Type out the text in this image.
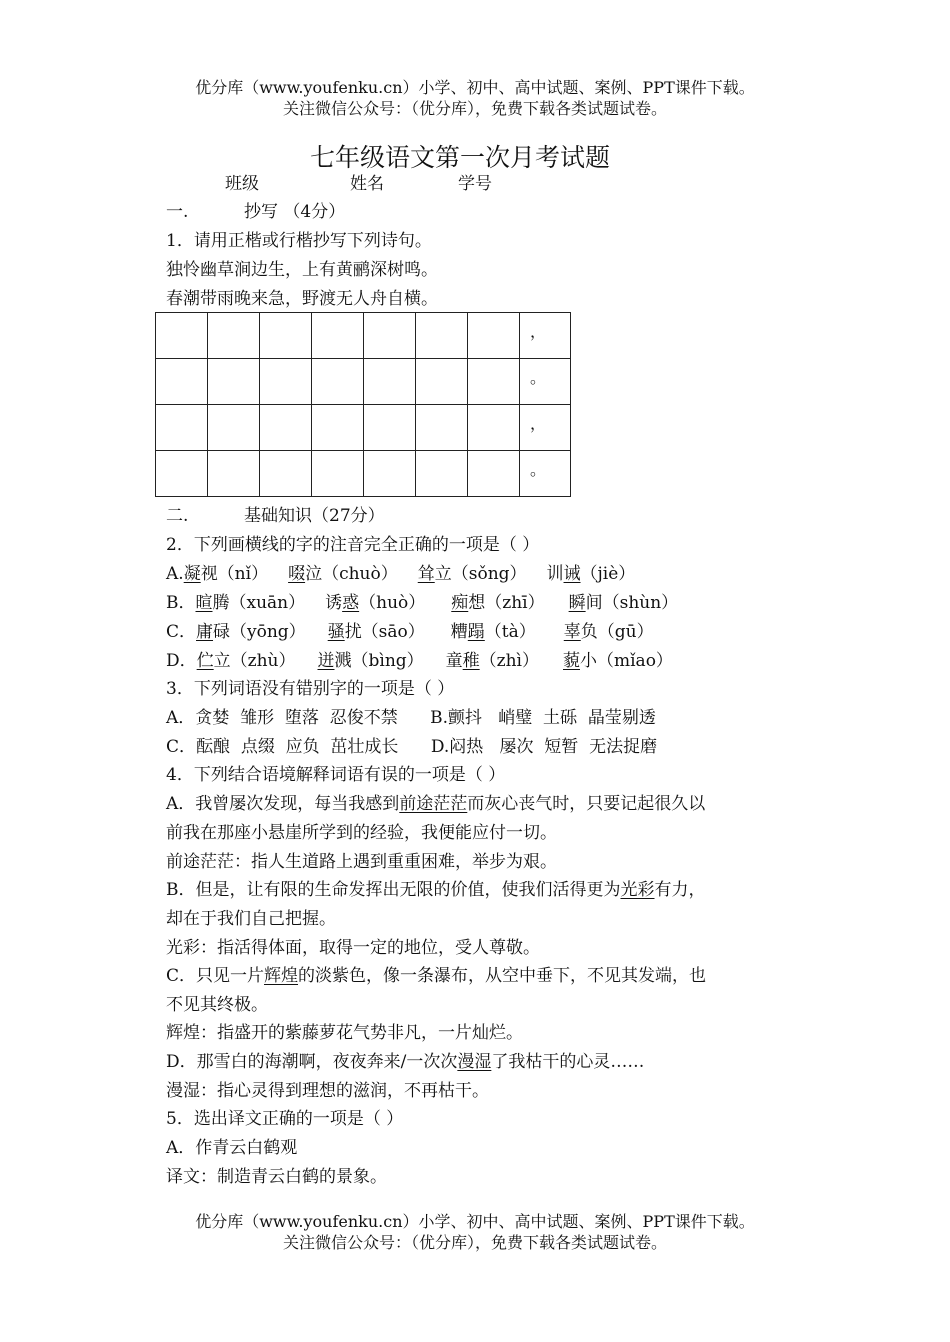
优分库（www.youfenku.cn）小学、初中、高中试题、案例、PPT课件下载。
关注微信公众号：（优分库），免费下载各类试题试卷。
七年级语文第一次月考试题
班级	姓名	学号
一.	抄写 （4分）
1．请用正楷或行楷抄写下列诗句。
独怜幽草涧边生，上有黄鹂深树鸣。
春潮带雨晚来急，野渡无人舟自横。
							，
							。
							，
							。
二.	基础知识（27分）
2．下列画横线的字的注音完全正确的一项是（ ）
A.凝视（nǐ） 啜泣（chuò） 耸立（sǒng） 训诫（jiè）
B．暄腾（xuān） 诱惑（huò） 痴想（zhī） 瞬间（shùn）
C．庸碌（yōng） 骚扰（sāo） 糟蹋（tà） 辜负（gū）
D．伫立（zhù） 迸溅（bìng） 童稚（zhì） 藐小（mǐao）
3．下列词语没有错别字的一项是（ ）
A．贪婪  雏形  堕落  忍俊不禁      B.颤抖   峭璧  土砾  晶莹剔透
C．酝酿  点缀  应负  茁壮成长      D.闷热   屡次  短暂  无法捉磨
4．下列结合语境解释词语有误的一项是（ ）
A．我曾屡次发现，每当我感到前途茫茫而灰心丧气时，只要记起很久以
前我在那座小悬崖所学到的经验，我便能应付一切。
前途茫茫：指人生道路上遇到重重困难，举步为艰。
B．但是，让有限的生命发挥出无限的价值，使我们活得更为光彩有力，
却在于我们自己把握。
光彩：指活得体面，取得一定的地位，受人尊敬。
C．只见一片辉煌的淡紫色，像一条瀑布，从空中垂下，不见其发端，也
不见其终极。
辉煌：指盛开的紫藤萝花气势非凡，一片灿烂。
D．那雪白的海潮啊，夜夜奔来/一次次漫湿了我枯干的心灵……
漫湿：指心灵得到理想的滋润，不再枯干。
5．选出译文正确的一项是（ ）
A．作青云白鹤观
译文：制造青云白鹤的景象。
优分库（www.youfenku.cn）小学、初中、高中试题、案例、PPT课件下载。
关注微信公众号：（优分库），免费下载各类试题试卷。
